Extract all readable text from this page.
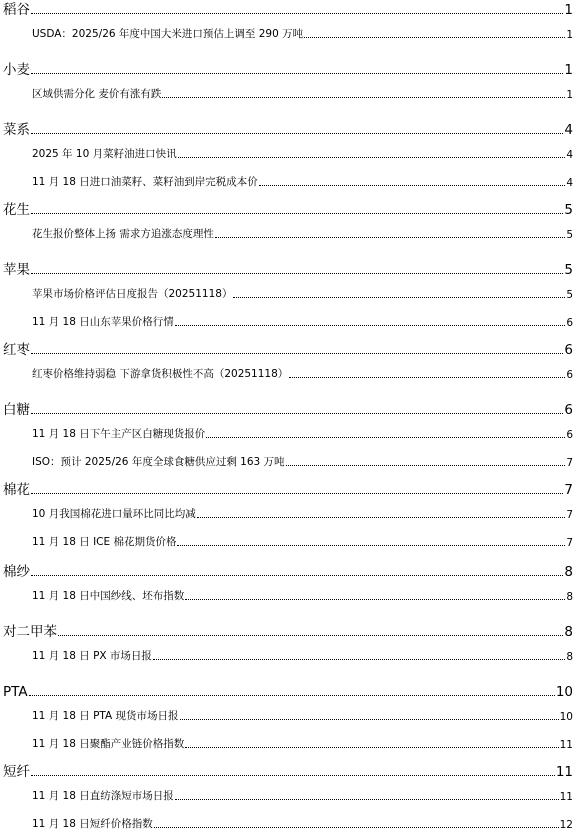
稻谷	1
USDA：2025/26 年度中国大米进口预估上调至 290 万吨	1
小麦	1
区域供需分化 麦价有涨有跌	1
菜系	4
2025 年 10 月菜籽油进口快讯	4
11 月 18 日进口油菜籽、菜籽油到岸完税成本价	4
花生	5
花生报价整体上扬 需求方追涨态度理性	5
苹果	5
苹果市场价格评估日度报告（20251118）	5
11 月 18 日山东苹果价格行情	6
红枣	6
红枣价格维持弱稳 下游拿货积极性不高（20251118）	6
白糖	6
11 月 18 日下午主产区白糖现货报价	6
ISO：预计 2025/26 年度全球食糖供应过剩 163 万吨	7
棉花	7
10 月我国棉花进口量环比同比均减	7
11 月 18 日 ICE 棉花期货价格	7
棉纱	8
11 月 18 日中国纱线、坯布指数	8
对二甲苯	8
11 月 18 日 PX 市场日报	8
PTA	10
11 月 18 日 PTA 现货市场日报	10
11 月 18 日聚酯产业链价格指数	11
短纤	11
11 月 18 日直纺涤短市场日报	11
11 月 18 日短纤价格指数	12
